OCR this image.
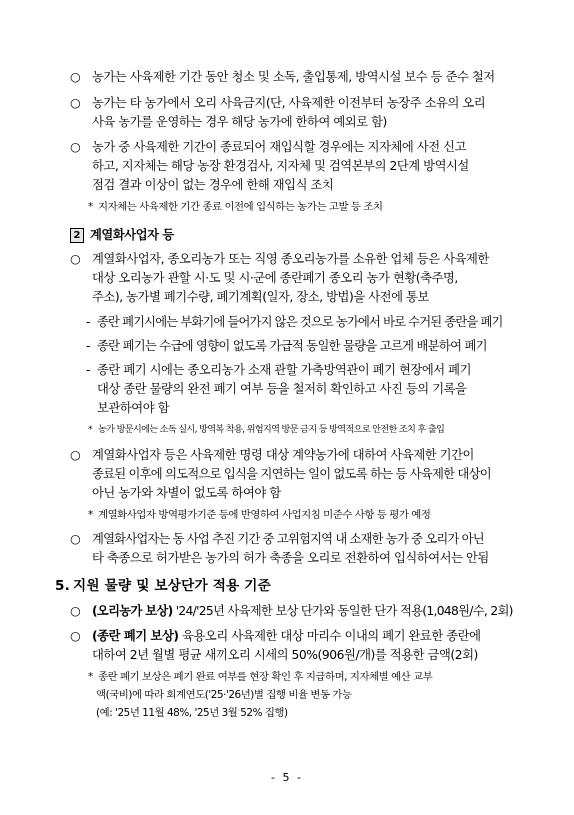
○ 농가는 사육제한 기간 동안 청소 및 소독, 출입통제, 방역시설 보수 등 준수 철저
○ 농가는 타 농가에서 오리 사육금지(단, 사육제한 이전부터 농장주 소유의 오리
사육 농가를 운영하는 경우 해당 농가에 한하여 예외로 함)
○ 농가 중 사육제한 기간이 종료되어 재입식할 경우에는 지자체에 사전 신고
하고, 지자체는 해당 농장 환경검사, 지자체 및 검역본부의 2단계 방역시설
점검 결과 이상이 없는 경우에 한해 재입식 조치
* 지자체는 사육제한 기간 종료 이전에 입식하는 농가는 고발 등 조치
2 계열화사업자 등
○ 계열화사업자, 종오리농가 또는 직영 종오리농가를 소유한 업체 등은 사육제한
대상 오리농가 관할 시·도 및 시·군에 종란폐기 종오리 농가 현황(축주명,
주소), 농가별 폐기수량, 폐기계획(일자, 장소, 방법)을 사전에 통보
- 종란 폐기시에는 부화기에 들어가지 않은 것으로 농가에서 바로 수거된 종란을 폐기
- 종란 폐기는 수급에 영향이 없도록 가급적 동일한 물량을 고르게 배분하여 폐기
- 종란 폐기 시에는 종오리농가 소재 관할 가축방역관이 폐기 현장에서 폐기
대상 종란 물량의 완전 폐기 여부 등을 철저히 확인하고 사진 등의 기록을
보관하여야 함
* 농가 방문시에는 소독 실시, 방역복 착용, 위험지역 방문 금지 등 방역적으로 안전한 조치 후 출입
○ 계열화사업자 등은 사육제한 명령 대상 계약농가에 대하여 사육제한 기간이
종료된 이후에 의도적으로 입식을 지연하는 일이 없도록 하는 등 사육제한 대상이
아닌 농가와 차별이 없도록 하여야 함
* 계열화사업자 방역평가기준 등에 반영하여 사업지침 미준수 사항 등 평가 예정
○ 계열화사업자는 동 사업 추진 기간 중 고위험지역 내 소재한 농가 중 오리가 아닌
타 축종으로 허가받은 농가의 허가 축종을 오리로 전환하여 입식하여서는 안됨
5. 지원 물량 및 보상단가 적용 기준
○ (오리농가 보상) '24/'25년 사육제한 보상 단가와 동일한 단가 적용(1,048원/수, 2회)
○ (종란 폐기 보상) 육용오리 사육제한 대상 마리수 이내의 폐기 완료한 종란에
대하여 2년 월별 평균 새끼오리 시세의 50%(906원/개)를 적용한 금액(2회)
* 종란 폐기 보상은 폐기 완료 여부를 현장 확인 후 지급하며, 지자체별 예산 교부
액(국비)에 따라 회계연도('25·'26년)별 집행 비율 변동 가능
(예: '25년 11월 48%, '25년 3월 52% 집행)
- 5 -
